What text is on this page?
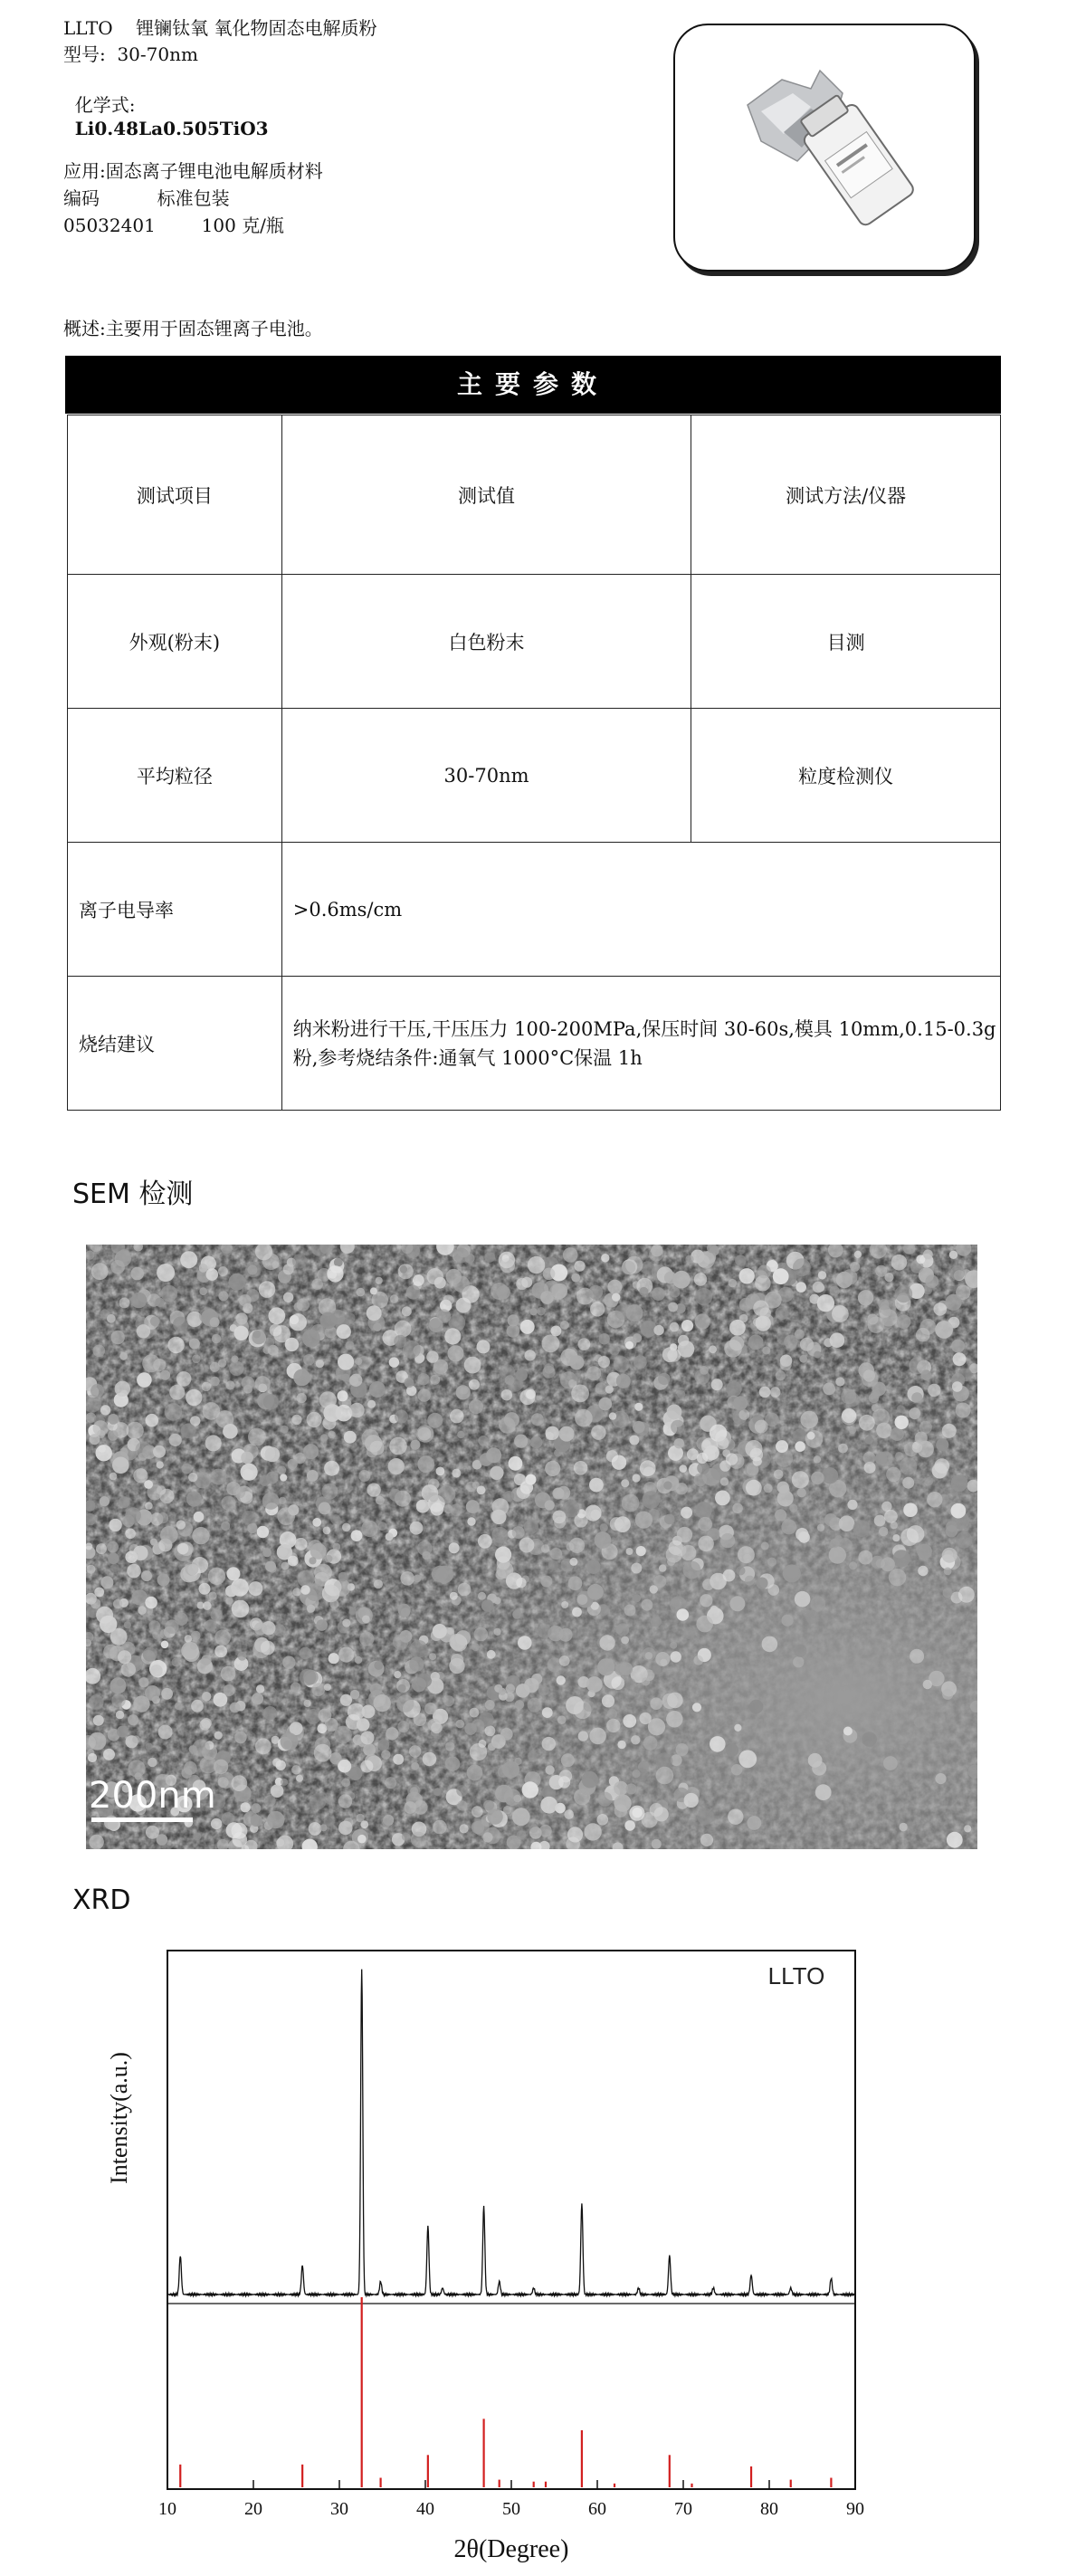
LLTO    锂镧钛氧 氧化物固态电解质粉
型号:  30-70nm

化学式:
Li0.48La0.505TiO3

应用:固态离子锂电池电解质材料
编码          标准包装
05032401        100 克/瓶
概述:主要用于固态锂离子电池。
主要参数
测试项目	测试值	测试方法/仪器
外观(粉末)	白色粉末	目测
平均粒径	30-70nm	粒度检测仪
离子电导率	>0.6ms/cm	
烧结建议	纳米粉进行干压,干压压力 100-200MPa,保压时间 30-60s,模具 10mm,0.15-0.3g
粉,参考烧结条件:通氧气 1000°C保温 1h	
SEM 检测
200nm
XRD
10	20	30	40	50	60	70	80	90
2θ(Degree)
Intensity(a.u.)
LLTO
